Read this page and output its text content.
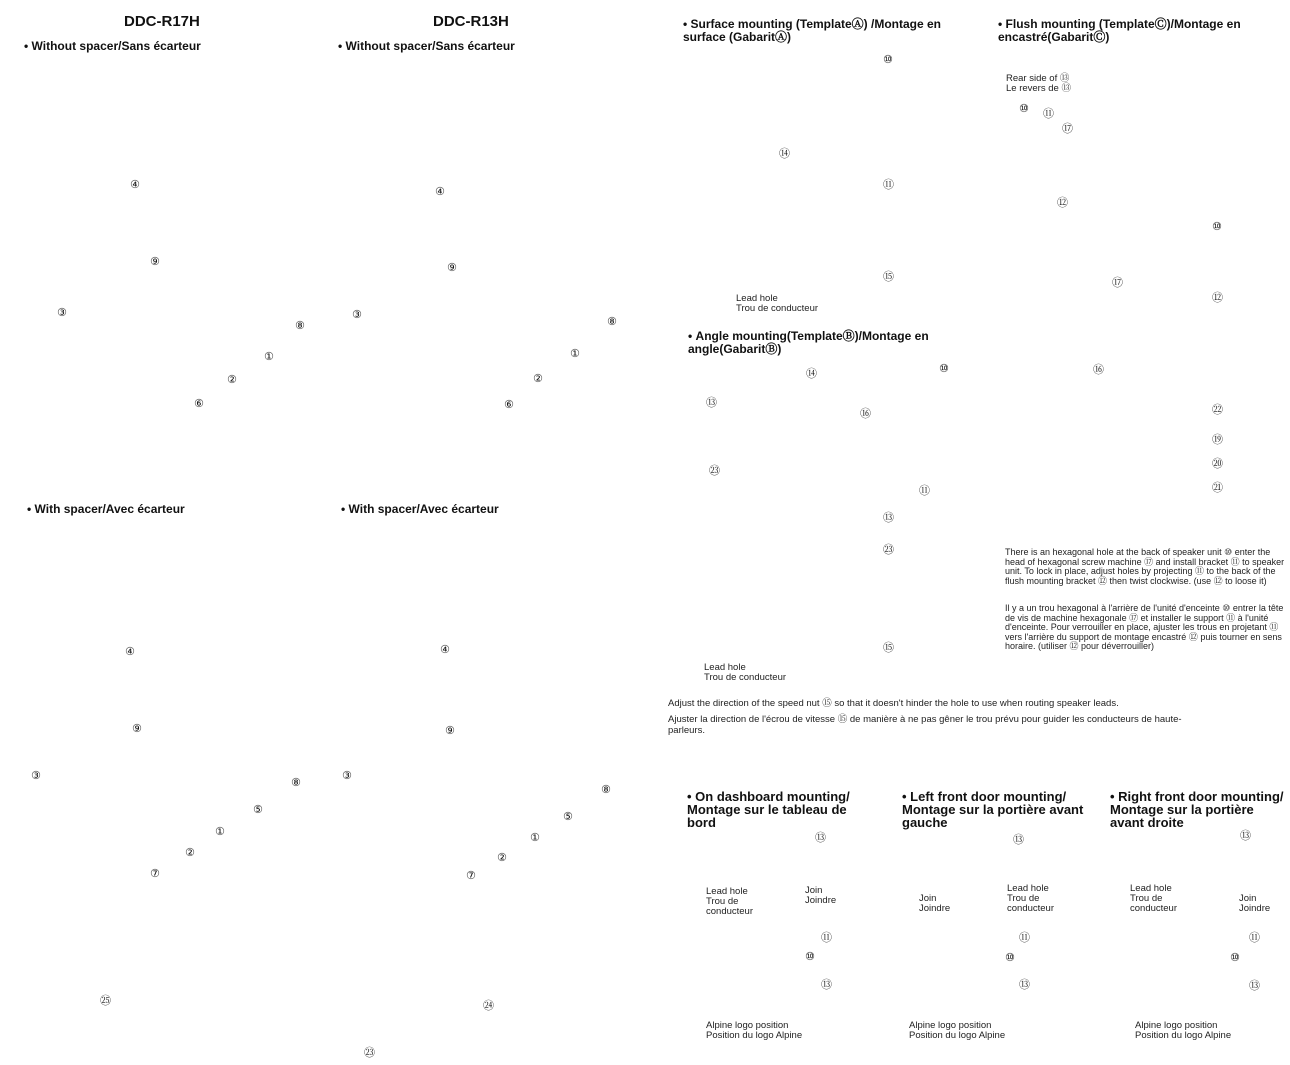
DDC-R17H	DDC-R13H
• Without spacer/Sans écarteur	• Without spacer/Sans écarteur
④
⑨
③
⑧
①
②
⑥
④
⑨
③
⑧
①
②
⑥
• With spacer/Avec écarteur	• With spacer/Avec écarteur
④
⑨
③
⑧
⑤
①
②
⑦
㉕
④
⑨
③
⑧
⑤
①
②
⑦
㉔
㉓
• Surface mounting (TemplateⒶ) /Montage en surface (GabaritⒶ)
⑩
⑭
⑪
⑮
Lead hole
Trou de conducteur
• Angle mounting(TemplateⒷ)/Montage en angle(GabaritⒷ)
⑭	⑩
⑬
⑯
㉓
⑪
⑬
㉓
⑮
Lead hole
Trou de conducteur
• Flush mounting (TemplateⒸ)/Montage en encastré(GabaritⒸ)
Rear side of ⑬
Le revers de ⑬
⑩ ⑪
⑰
⑫
⑩
⑰
⑫
⑯
㉒
⑲
⑳
㉑
There is an hexagonal hole at the back of speaker unit ⑩ enter the head of hexagonal screw machine ⑰ and install bracket ⑪ to speaker unit. To lock in place, adjust holes by projecting ⑪ to the back of the flush mounting bracket ⑫ then twist clockwise. (use ⑫ to loose it)
Il y a un trou hexagonal à l'arrière de l'unité d'enceinte ⑩ entrer la tête de vis de machine hexagonale ⑰ et installer le support ⑪ à l'unité d'enceinte. Pour verrouiller en place, ajuster les trous en projetant ⑪ vers l'arrière du support de montage encastré ⑫ puis tourner en sens horaire. (utiliser ⑫ pour déverrouiller)
Adjust the direction of the speed nut ⑮ so that it doesn't hinder the hole to use when routing speaker leads.
Ajuster la direction de l'écrou de vitesse ⑮ de manière à ne pas gêner le trou prévu pour guider les conducteurs de haute-parleurs.
• On dashboard mounting/ Montage sur le tableau de bord
⑬
Lead hole
Trou de
conducteur
Join
Joindre
⑪
⑩
⑬
Alpine logo position
Position du logo Alpine
• Left front door mounting/ Montage sur la portière avant gauche
⑬
Join
Joindre
Lead hole
Trou de
conducteur
⑪
⑩
⑬
Alpine logo position
Position du logo Alpine
• Right front door mounting/ Montage sur la portière avant droite
⑬
Lead hole
Trou de
conducteur
Join
Joindre
⑪
⑩
⑬
Alpine logo position
Position du logo Alpine
